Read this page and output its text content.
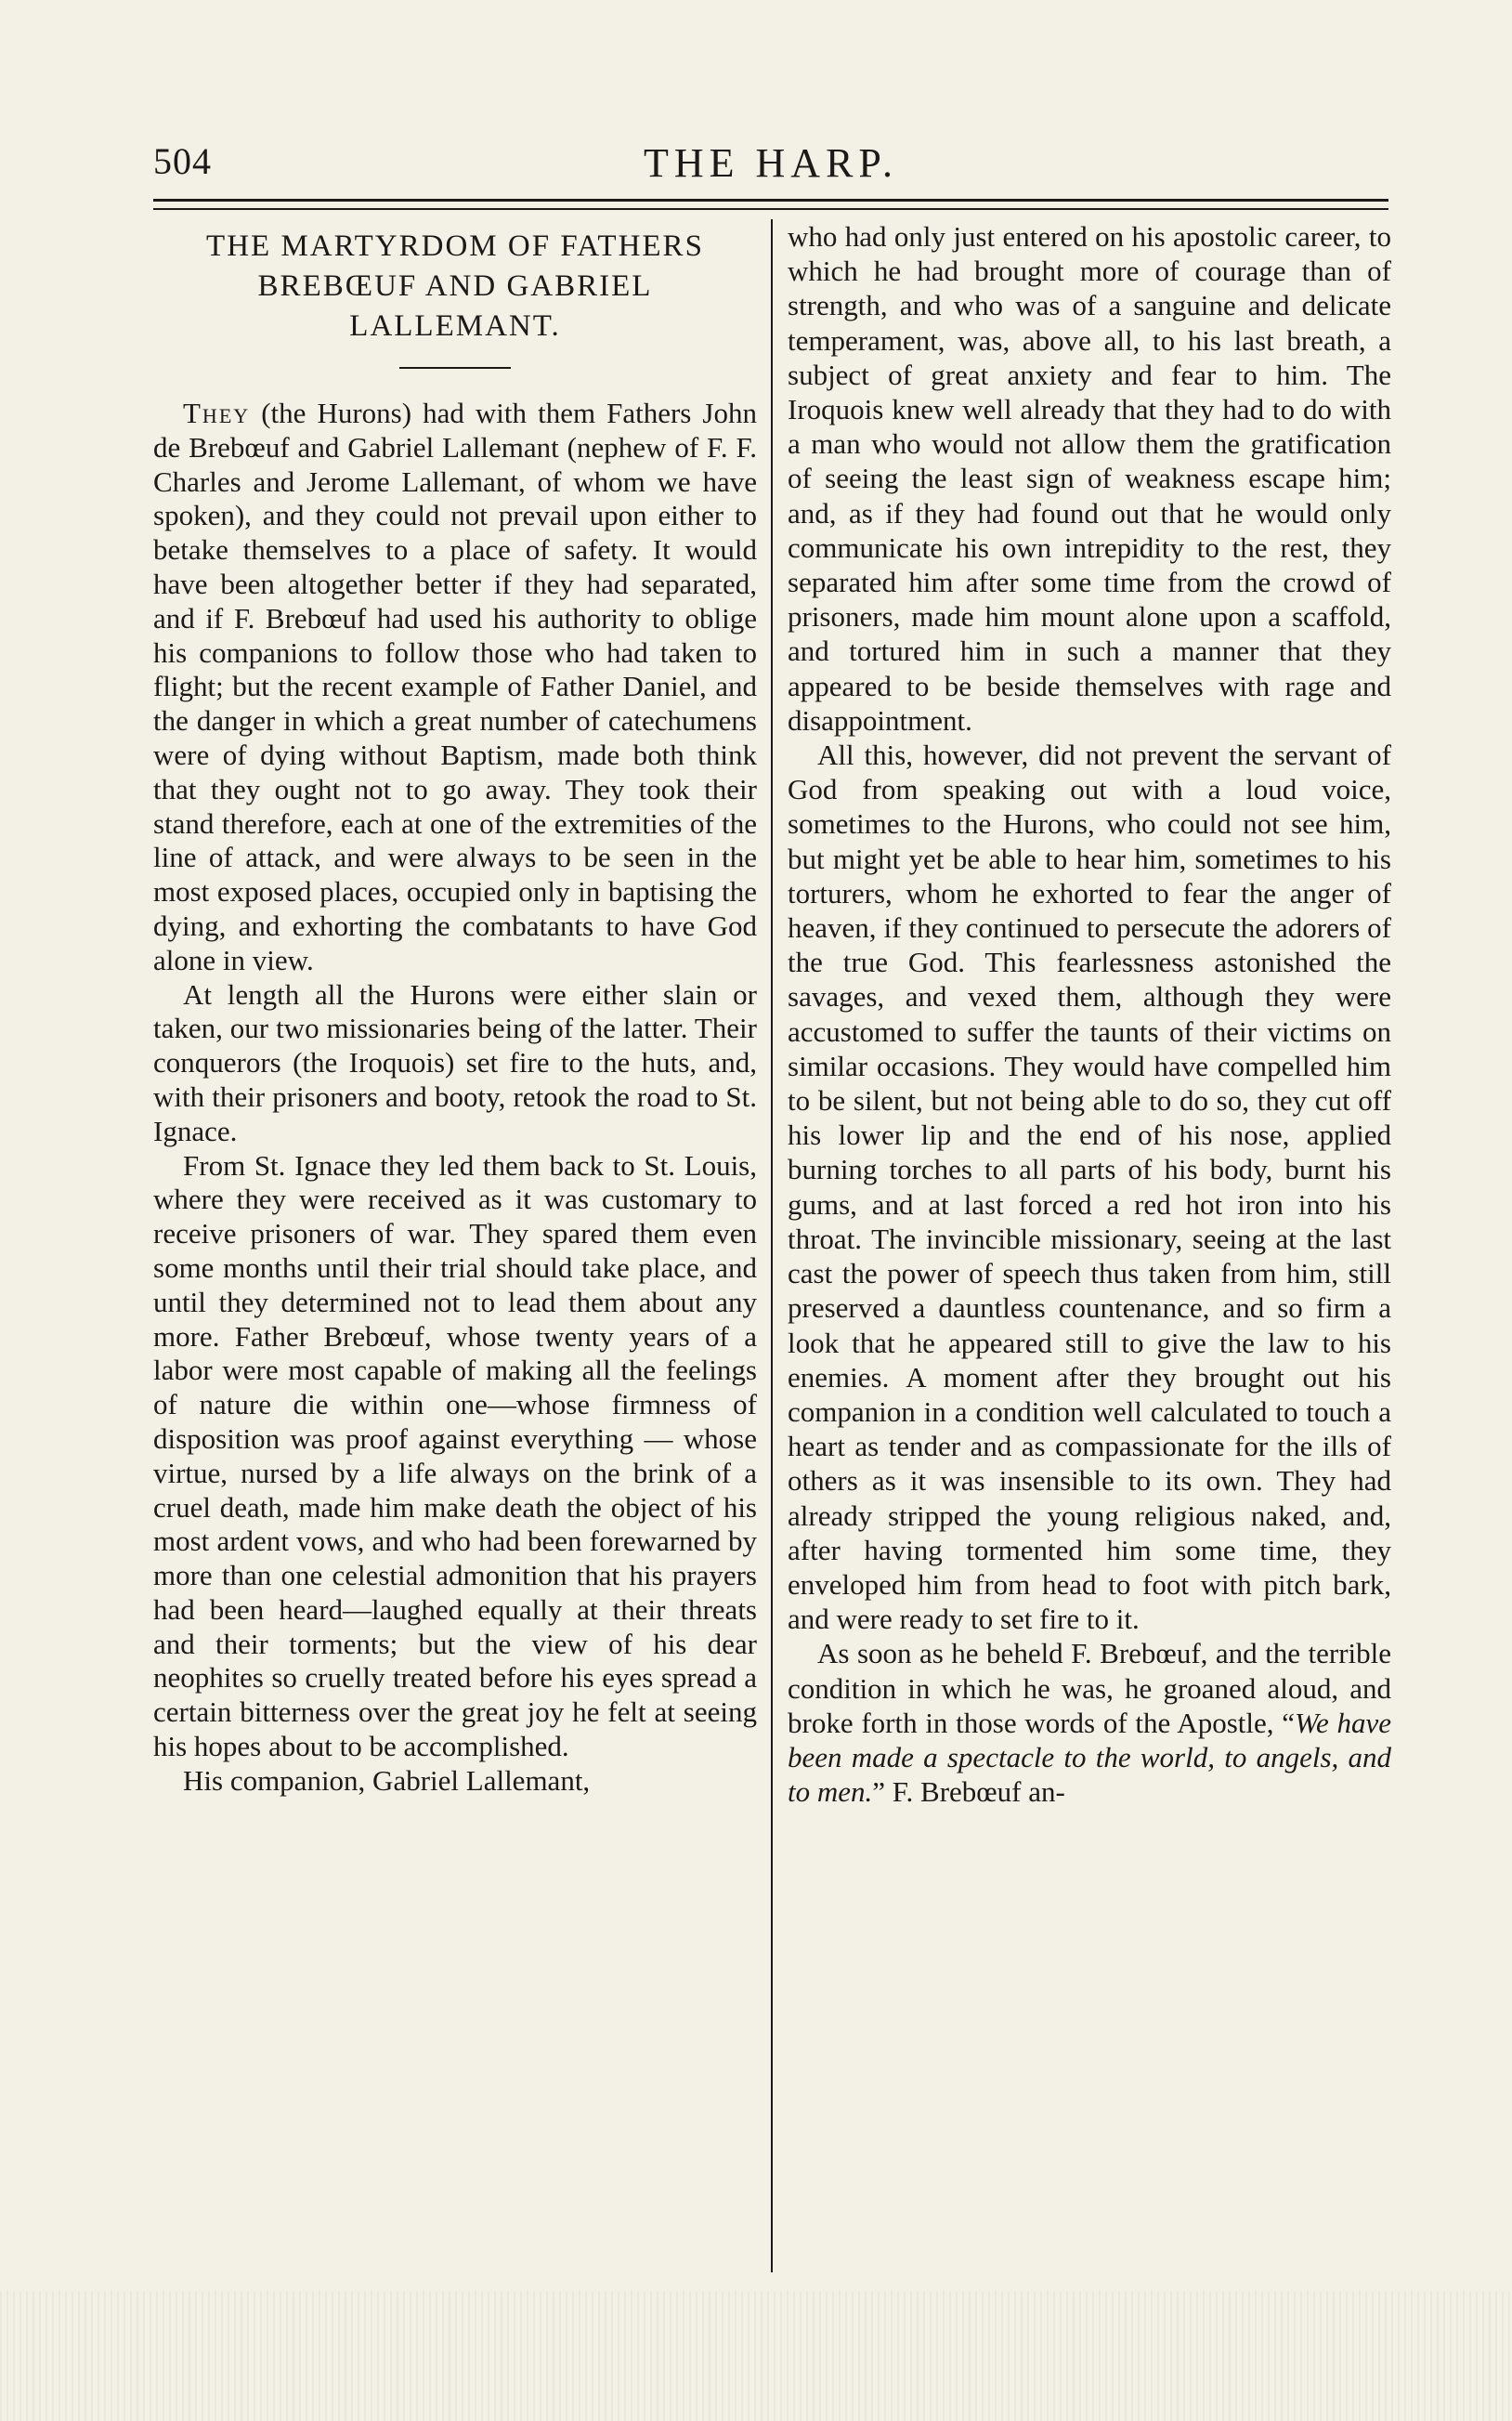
504	THE HARP.
THE MARTYRDOM OF FATHERS
BREBŒUF AND GABRIEL
LALLEMANT.

They (the Hurons) had with them Fathers John de Brebœuf and Gabriel Lallemant (nephew of F. F. Charles and Jerome Lallemant, of whom we have spoken), and they could not prevail upon either to betake themselves to a place of safety. It would have been altogether better if they had separated, and if F. Brebœuf had used his authority to oblige his companions to follow those who had taken to flight; but the recent example of Father Daniel, and the danger in which a great number of catechumens were of dying without Baptism, made both think that they ought not to go away. They took their stand therefore, each at one of the extremities of the line of attack, and were always to be seen in the most exposed places, occupied only in baptising the dying, and exhorting the combatants to have God alone in view.

At length all the Hurons were either slain or taken, our two missionaries being of the latter. Their conquerors (the Iroquois) set fire to the huts, and, with their prisoners and booty, retook the road to St. Ignace.

From St. Ignace they led them back to St. Louis, where they were received as it was customary to receive prisoners of war. They spared them even some months until their trial should take place, and until they determined not to lead them about any more. Father Brebœuf, whose twenty years of a labor were most capable of making all the feelings of nature die within one—whose firmness of disposition was proof against everything — whose virtue, nursed by a life always on the brink of a cruel death, made him make death the object of his most ardent vows, and who had been forewarned by more than one celestial admonition that his prayers had been heard—laughed equally at their threats and their torments; but the view of his dear neophites so cruelly treated before his eyes spread a certain bitterness over the great joy he felt at seeing his hopes about to be accomplished.

His companion, Gabriel Lallemant,

who had only just entered on his apostolic career, to which he had brought more of courage than of strength, and who was of a sanguine and delicate temperament, was, above all, to his last breath, a subject of great anxiety and fear to him. The Iroquois knew well already that they had to do with a man who would not allow them the gratification of seeing the least sign of weakness escape him; and, as if they had found out that he would only communicate his own intrepidity to the rest, they separated him after some time from the crowd of prisoners, made him mount alone upon a scaffold, and tortured him in such a manner that they appeared to be beside themselves with rage and disappointment.

All this, however, did not prevent the servant of God from speaking out with a loud voice, sometimes to the Hurons, who could not see him, but might yet be able to hear him, sometimes to his torturers, whom he exhorted to fear the anger of heaven, if they continued to persecute the adorers of the true God. This fearlessness astonished the savages, and vexed them, although they were accustomed to suffer the taunts of their victims on similar occasions. They would have compelled him to be silent, but not being able to do so, they cut off his lower lip and the end of his nose, applied burning torches to all parts of his body, burnt his gums, and at last forced a red hot iron into his throat. The invincible missionary, seeing at the last cast the power of speech thus taken from him, still preserved a dauntless countenance, and so firm a look that he appeared still to give the law to his enemies. A moment after they brought out his companion in a condition well calculated to touch a heart as tender and as compassionate for the ills of others as it was insensible to its own. They had already stripped the young religious naked, and, after having tormented him some time, they enveloped him from head to foot with pitch bark, and were ready to set fire to it.

As soon as he beheld F. Brebœuf, and the terrible condition in which he was, he groaned aloud, and broke forth in those words of the Apostle, “We have been made a spectacle to the world, to angels, and to men.” F. Brebœuf an-
